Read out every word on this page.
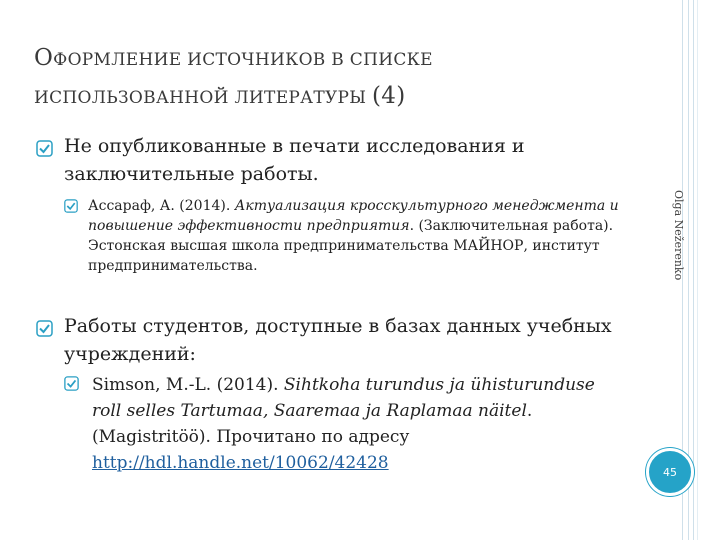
ОФОРМЛЕНИЕ ИСТОЧНИКОВ В СПИСКЕ
ИСПОЛЬЗОВАННОЙ ЛИТЕРАТУРЫ (4)
Не опубликованные в печати исследования и заключительные работы.
Ассараф, А. (2014). Актуализация кросскультурного менеджмента и повышение эффективности предприятия. (Заключительная работа). Эстонская высшая школа предпринимательства МАЙНОР, институт предпринимательства.
Работы студентов, доступные в базах данных учебных учреждений:
Simson, M.-L. (2014). Sihtkoha turundus ja ühisturunduse roll selles Tartumaa, Saaremaa ja Raplamaa näitel. (Magistritöö). Прочитано по адресу http://hdl.handle.net/10062/42428
Olga Nežerenko
45
